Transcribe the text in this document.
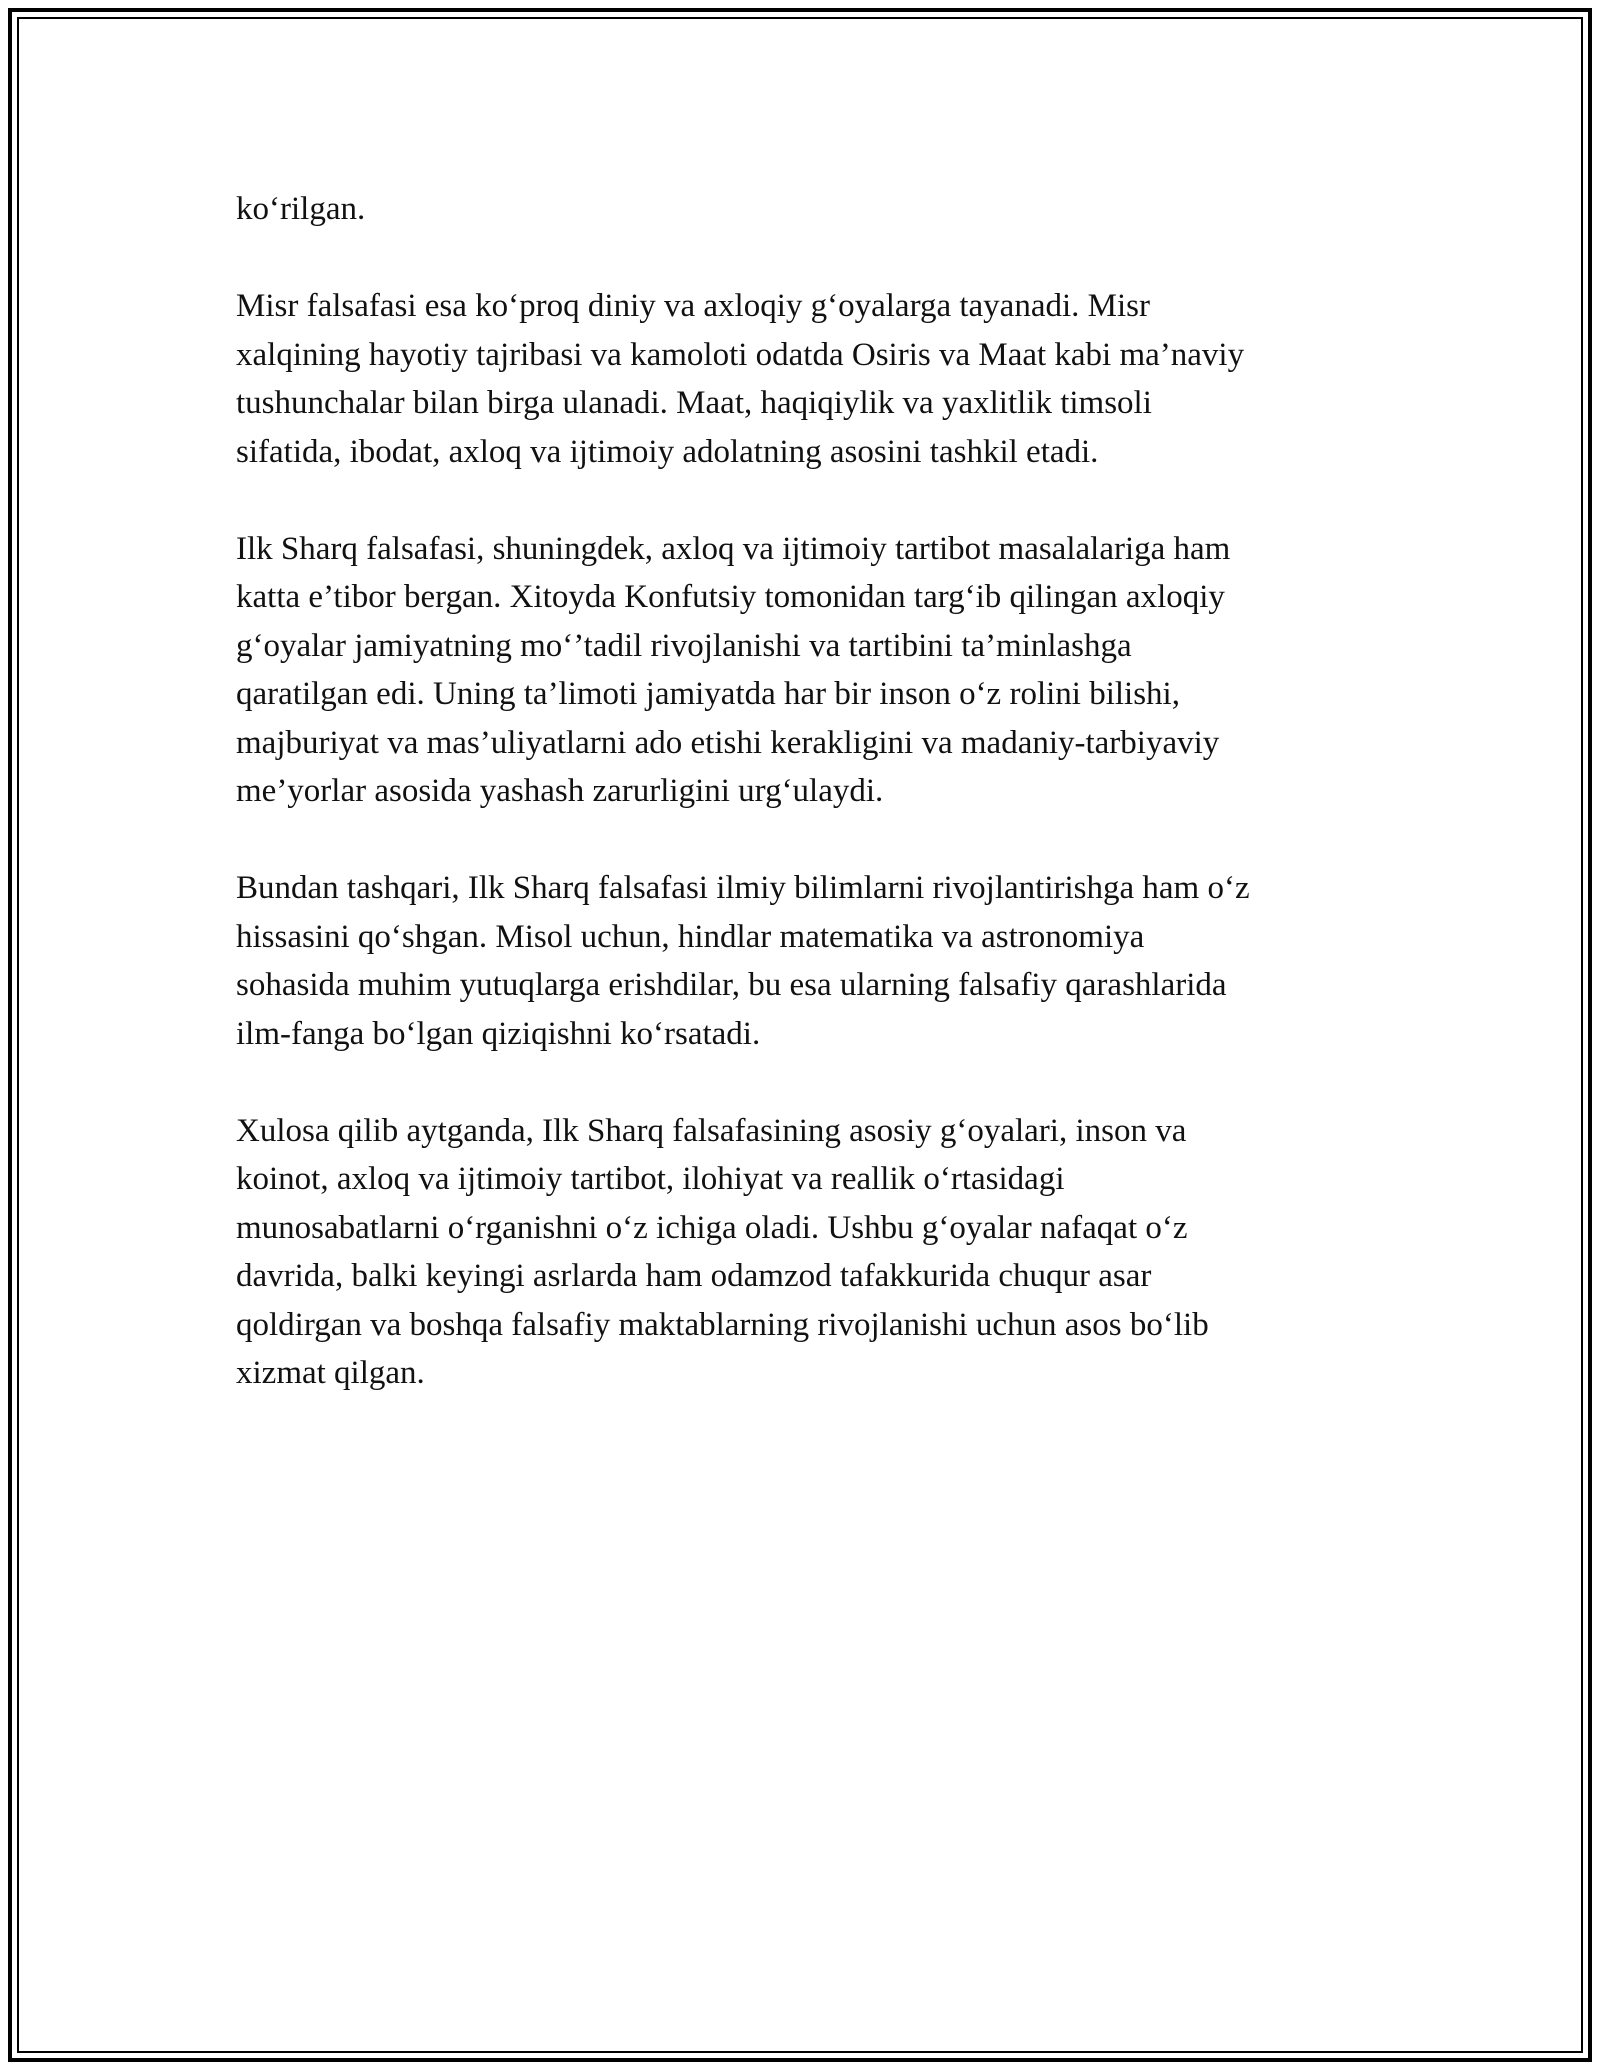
ko‘rilgan.

Misr falsafasi esa ko‘proq diniy va axloqiy g‘oyalarga tayanadi. Misr
xalqining hayotiy tajribasi va kamoloti odatda Osiris va Maat kabi ma’naviy
tushunchalar bilan birga ulanadi. Maat, haqiqiylik va yaxlitlik timsoli
sifatida, ibodat, axloq va ijtimoiy adolatning asosini tashkil etadi.

Ilk Sharq falsafasi, shuningdek, axloq va ijtimoiy tartibot masalalariga ham
katta e’tibor bergan. Xitoyda Konfutsiy tomonidan targ‘ib qilingan axloqiy
g‘oyalar jamiyatning mo‘’tadil rivojlanishi va tartibini ta’minlashga
qaratilgan edi. Uning ta’limoti jamiyatda har bir inson o‘z rolini bilishi,
majburiyat va mas’uliyatlarni ado etishi kerakligini va madaniy-tarbiyaviy
me’yorlar asosida yashash zarurligini urg‘ulaydi.

Bundan tashqari, Ilk Sharq falsafasi ilmiy bilimlarni rivojlantirishga ham o‘z
hissasini qo‘shgan. Misol uchun, hindlar matematika va astronomiya
sohasida muhim yutuqlarga erishdilar, bu esa ularning falsafiy qarashlarida
ilm-fanga bo‘lgan qiziqishni ko‘rsatadi.

Xulosa qilib aytganda, Ilk Sharq falsafasining asosiy g‘oyalari, inson va
koinot, axloq va ijtimoiy tartibot, ilohiyat va reallik o‘rtasidagi
munosabatlarni o‘rganishni o‘z ichiga oladi. Ushbu g‘oyalar nafaqat o‘z
davrida, balki keyingi asrlarda ham odamzod tafakkurida chuqur asar
qoldirgan va boshqa falsafiy maktablarning rivojlanishi uchun asos bo‘lib
xizmat qilgan.
